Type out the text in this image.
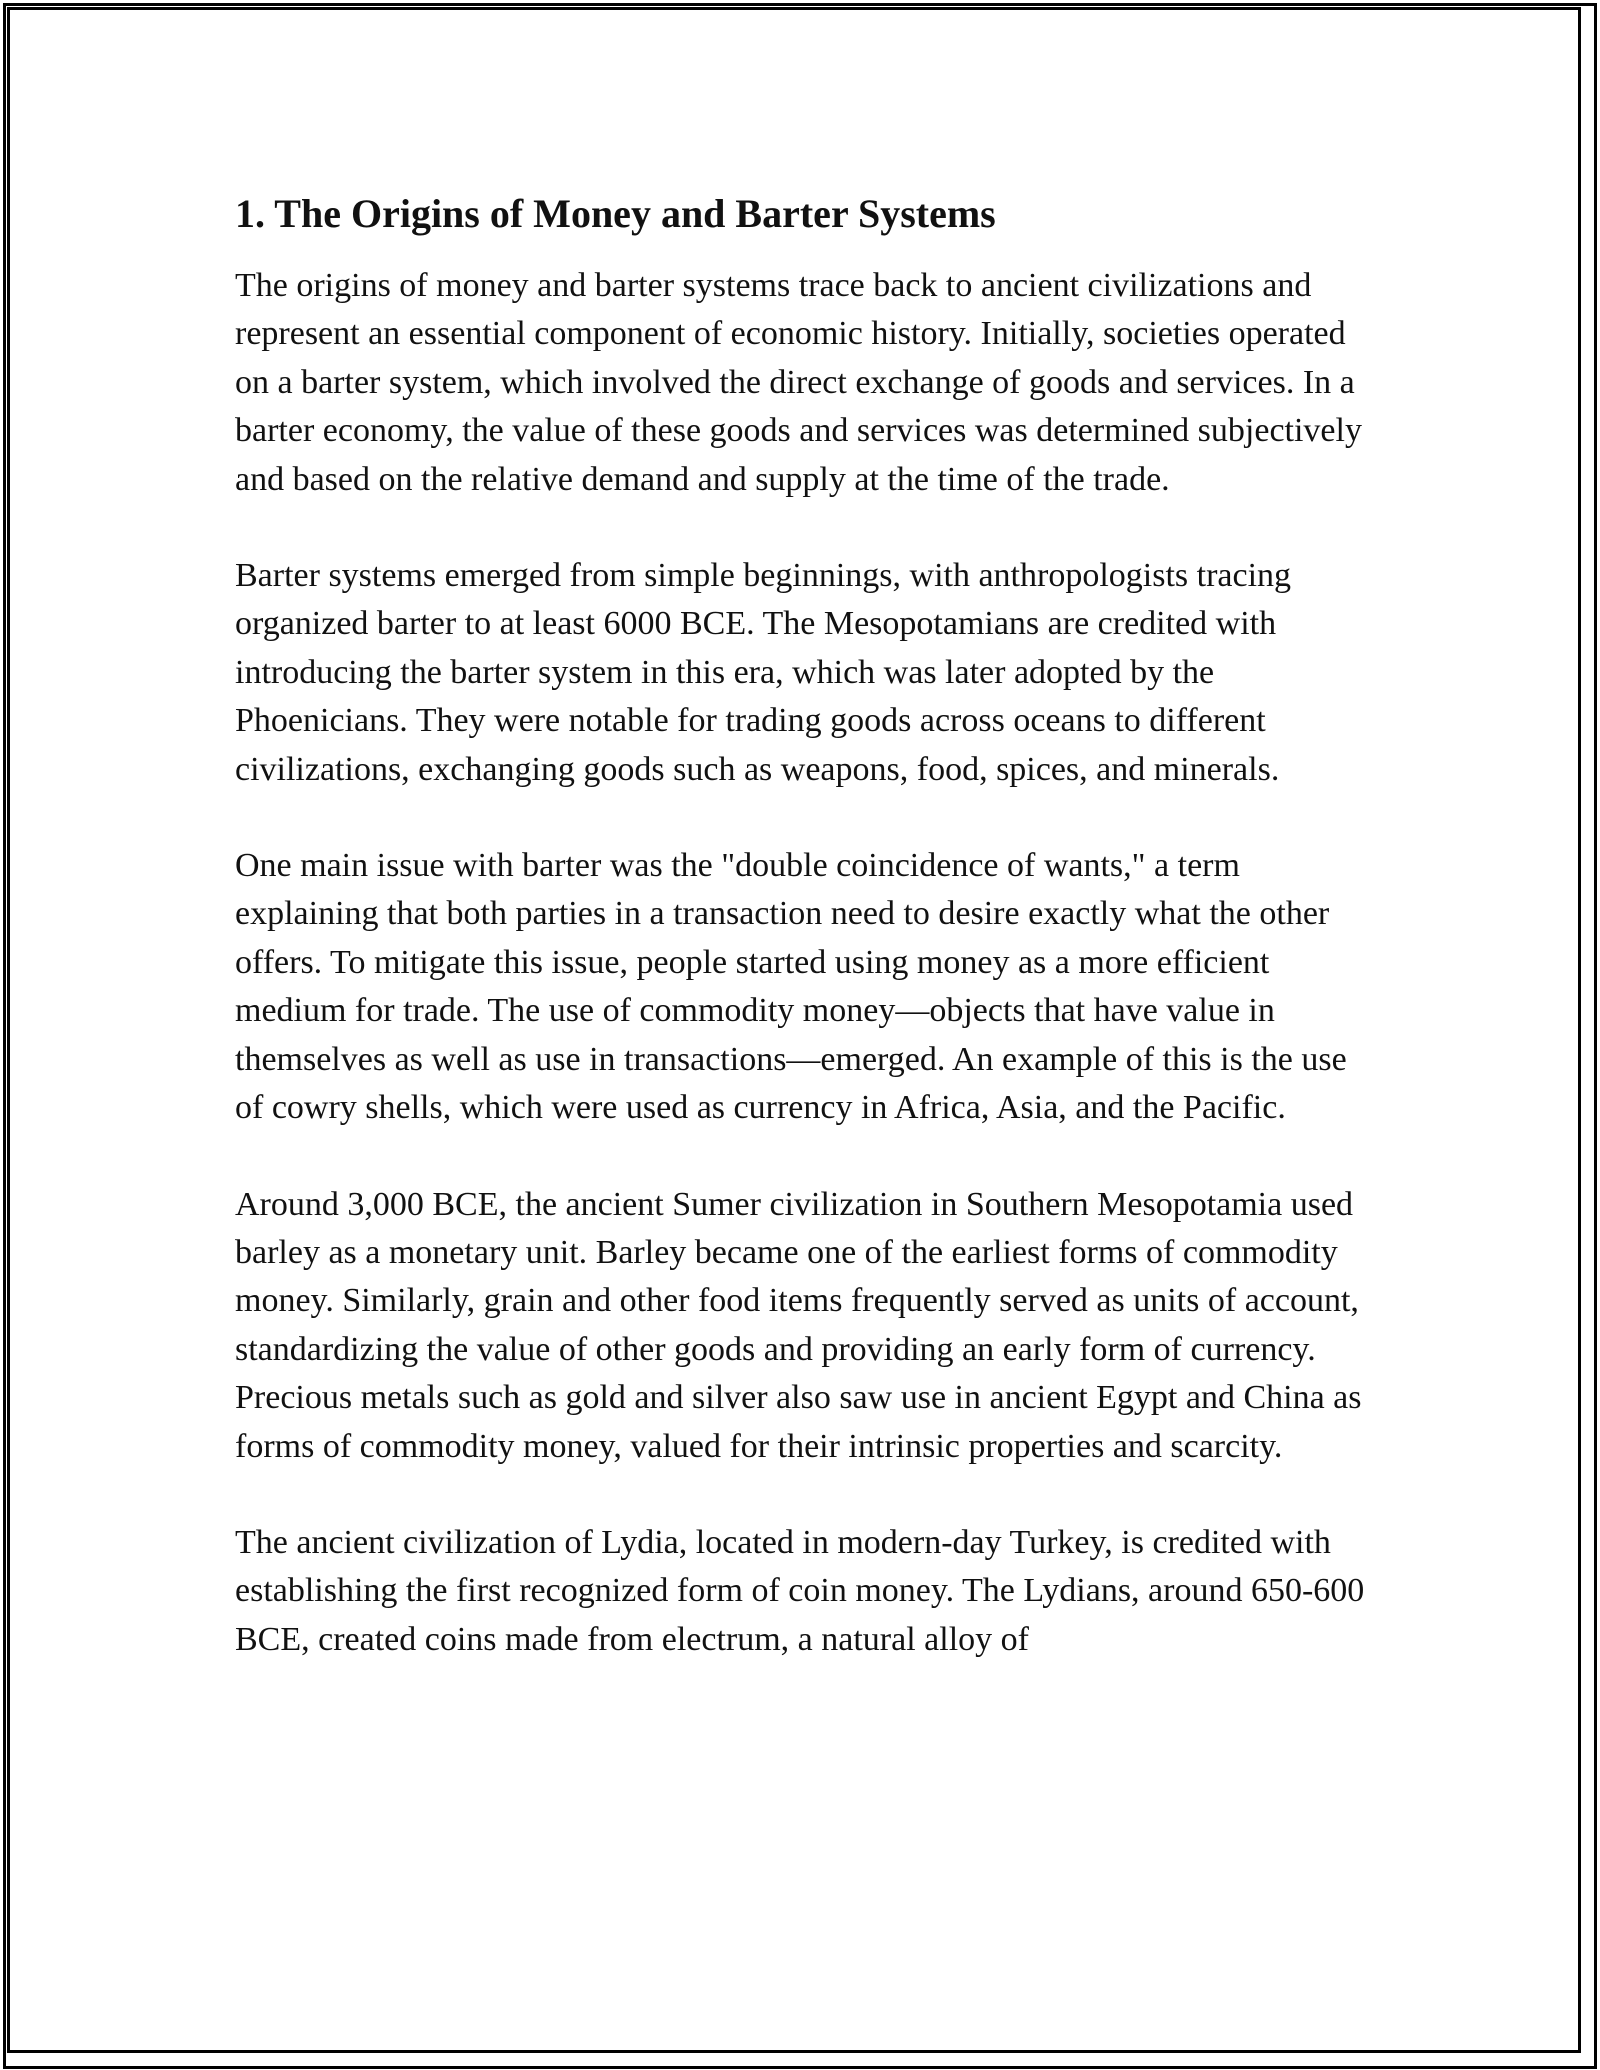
1. The Origins of Money and Barter Systems

The origins of money and barter systems trace back to ancient civilizations and represent an essential component of economic history. Initially, societies operated on a barter system, which involved the direct exchange of goods and services. In a barter economy, the value of these goods and services was determined subjectively and based on the relative demand and supply at the time of the trade.

Barter systems emerged from simple beginnings, with anthropologists tracing organized barter to at least 6000 BCE. The Mesopotamians are credited with introducing the barter system in this era, which was later adopted by the Phoenicians. They were notable for trading goods across oceans to different civilizations, exchanging goods such as weapons, food, spices, and minerals.

One main issue with barter was the "double coincidence of wants," a term explaining that both parties in a transaction need to desire exactly what the other offers. To mitigate this issue, people started using money as a more efficient medium for trade. The use of commodity money—objects that have value in themselves as well as use in transactions—emerged. An example of this is the use of cowry shells, which were used as currency in Africa, Asia, and the Pacific.

Around 3,000 BCE, the ancient Sumer civilization in Southern Mesopotamia used barley as a monetary unit. Barley became one of the earliest forms of commodity money. Similarly, grain and other food items frequently served as units of account, standardizing the value of other goods and providing an early form of currency. Precious metals such as gold and silver also saw use in ancient Egypt and China as forms of commodity money, valued for their intrinsic properties and scarcity.

The ancient civilization of Lydia, located in modern-day Turkey, is credited with establishing the first recognized form of coin money. The Lydians, around 650-600 BCE, created coins made from electrum, a natural alloy of
